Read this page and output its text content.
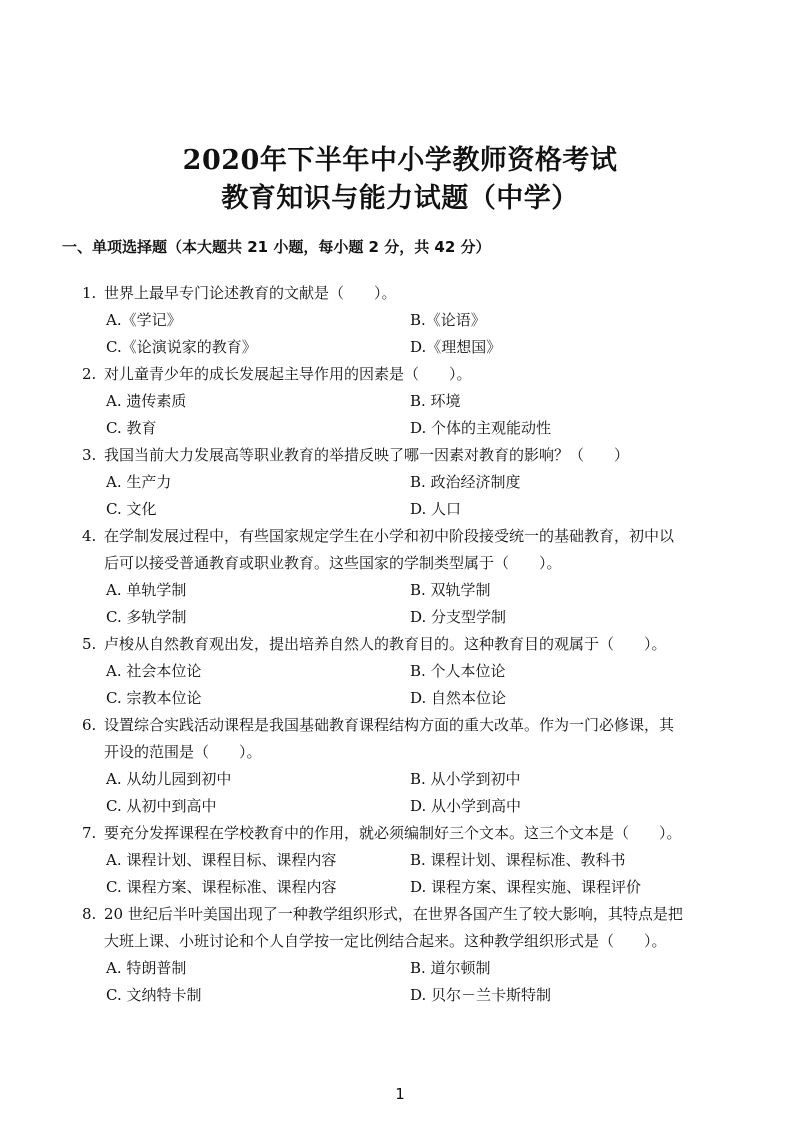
2020年下半年中小学教师资格考试
教育知识与能力试题（中学）
一、单项选择题（本大题共 21 小题，每小题 2 分，共 42 分）
1. 世界上最早专门论述教育的文献是（　　）。
A.《学记》	B.《论语》
C.《论演说家的教育》	D.《理想国》
2. 对儿童青少年的成长发展起主导作用的因素是（　　）。
A. 遗传素质	B. 环境
C. 教育	D. 个体的主观能动性
3. 我国当前大力发展高等职业教育的举措反映了哪一因素对教育的影响？（　　）
A. 生产力	B. 政治经济制度
C. 文化	D. 人口
4. 在学制发展过程中，有些国家规定学生在小学和初中阶段接受统一的基础教育，初中以
后可以接受普通教育或职业教育。这些国家的学制类型属于（　　）。
A. 单轨学制	B. 双轨学制
C. 多轨学制	D. 分支型学制
5. 卢梭从自然教育观出发，提出培养自然人的教育目的。这种教育目的观属于（　　）。
A. 社会本位论	B. 个人本位论
C. 宗教本位论	D. 自然本位论
6. 设置综合实践活动课程是我国基础教育课程结构方面的重大改革。作为一门必修课，其
开设的范围是（　　）。
A. 从幼儿园到初中	B. 从小学到初中
C. 从初中到高中	D. 从小学到高中
7. 要充分发挥课程在学校教育中的作用，就必须编制好三个文本。这三个文本是（　　）。
A. 课程计划、课程目标、课程内容	B. 课程计划、课程标准、教科书
C. 课程方案、课程标准、课程内容	D. 课程方案、课程实施、课程评价
8. 20 世纪后半叶美国出现了一种教学组织形式，在世界各国产生了较大影响，其特点是把
大班上课、小班讨论和个人自学按一定比例结合起来。这种教学组织形式是（　　）。
A. 特朗普制	B. 道尔顿制
C. 文纳特卡制	D. 贝尔－兰卡斯特制
1
